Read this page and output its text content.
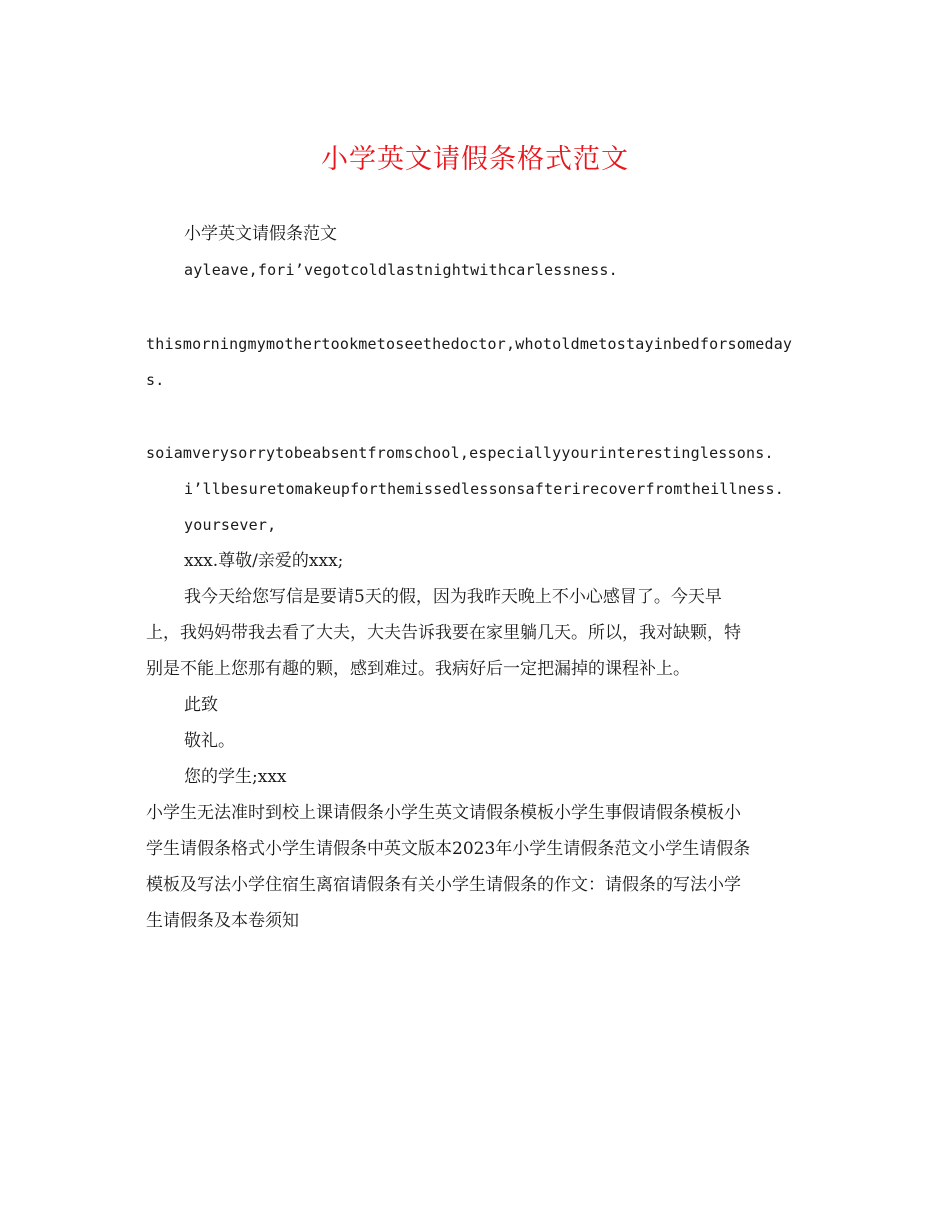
小学英文请假条格式范文
小学英文请假条范文
ayleave,fori’vegotcoldlastnightwithcarlessness.
thismorningmymothertookmetoseethedoctor,whotoldmetostayinbedforsomeday
s.
soiamverysorrytobeabsentfromschool,especiallyyourinterestinglessons.
i’llbesuretomakeupforthemissedlessonsafterirecoverfromtheillness.
yoursever,
xxx.尊敬/亲爱的xxx;
我今天给您写信是要请5天的假，因为我昨天晚上不小心感冒了。今天早
上，我妈妈带我去看了大夫，大夫告诉我要在家里躺几天。所以，我对缺颗，特
别是不能上您那有趣的颗，感到难过。我病好后一定把漏掉的课程补上。
此致
敬礼。
您的学生;xxx
小学生无法准时到校上课请假条小学生英文请假条模板小学生事假请假条模板小
学生请假条格式小学生请假条中英文版本2023年小学生请假条范文小学生请假条
模板及写法小学住宿生离宿请假条有关小学生请假条的作文：请假条的写法小学
生请假条及本卷须知
